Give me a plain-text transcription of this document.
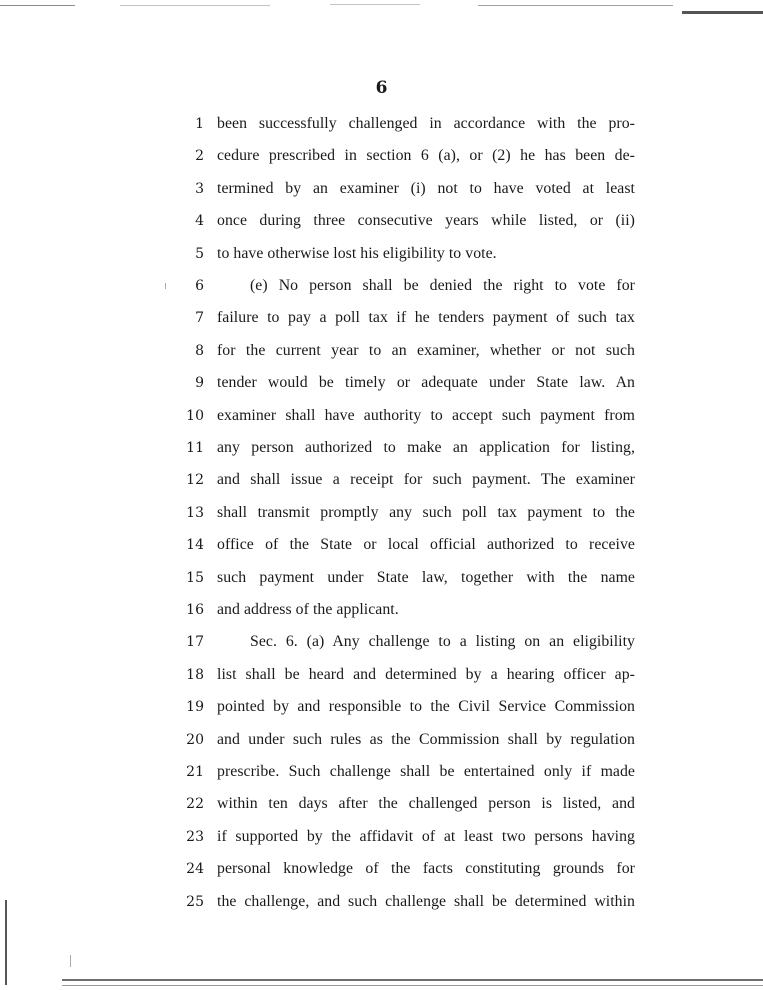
6
1 been successfully challenged in accordance with the pro-
2 cedure prescribed in section 6 (a), or (2) he has been de-
3 termined by an examiner (i) not to have voted at least
4 once during three consecutive years while listed, or (ii)
5 to have otherwise lost his eligibility to vote.
6	(e) No person shall be denied the right to vote for
7 failure to pay a poll tax if he tenders payment of such tax
8 for the current year to an examiner, whether or not such
9 tender would be timely or adequate under State law. An
10 examiner shall have authority to accept such payment from
11 any person authorized to make an application for listing,
12 and shall issue a receipt for such payment. The examiner
13 shall transmit promptly any such poll tax payment to the
14 office of the State or local official authorized to receive
15 such payment under State law, together with the name
16 and address of the applicant.
17	Sec. 6. (a) Any challenge to a listing on an eligibility
18 list shall be heard and determined by a hearing officer ap-
19 pointed by and responsible to the Civil Service Commission
20 and under such rules as the Commission shall by regulation
21 prescribe. Such challenge shall be entertained only if made
22 within ten days after the challenged person is listed, and
23 if supported by the affidavit of at least two persons having
24 personal knowledge of the facts constituting grounds for
25 the challenge, and such challenge shall be determined within
